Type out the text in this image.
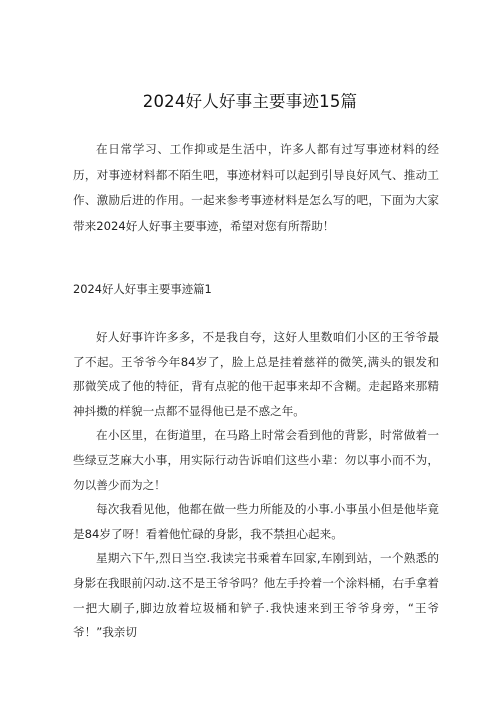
2024好人好事主要事迹15篇

在日常学习、工作抑或是生活中，许多人都有过写事迹材料的经历，对事迹材料都不陌生吧，事迹材料可以起到引导良好风气、推动工作、激励后进的作用。一起来参考事迹材料是怎么写的吧，下面为大家带来2024好人好事主要事迹，希望对您有所帮助！

2024好人好事主要事迹篇1

好人好事许许多多，不是我自夸，这好人里数咱们小区的王爷爷最了不起。王爷爷今年84岁了，脸上总是挂着慈祥的微笑,满头的银发和那微笑成了他的特征，背有点驼的他干起事来却不含糊。走起路来那精神抖擞的样貌一点都不显得他已是不惑之年。

在小区里，在街道里，在马路上时常会看到他的背影，时常做着一些绿豆芝麻大小事，用实际行动告诉咱们这些小辈：勿以事小而不为，勿以善少而为之！

每次我看见他，他都在做一些力所能及的小事.小事虽小但是他毕竟是84岁了呀！看着他忙碌的身影，我不禁担心起来。

星期六下午,烈日当空.我读完书乘着车回家,车刚到站，一个熟悉的身影在我眼前闪动.这不是王爷爷吗？他左手拎着一个涂料桶，右手拿着一把大刷子,脚边放着垃圾桶和铲子.我快速来到王爷爷身旁，“王爷爷！”我亲切
